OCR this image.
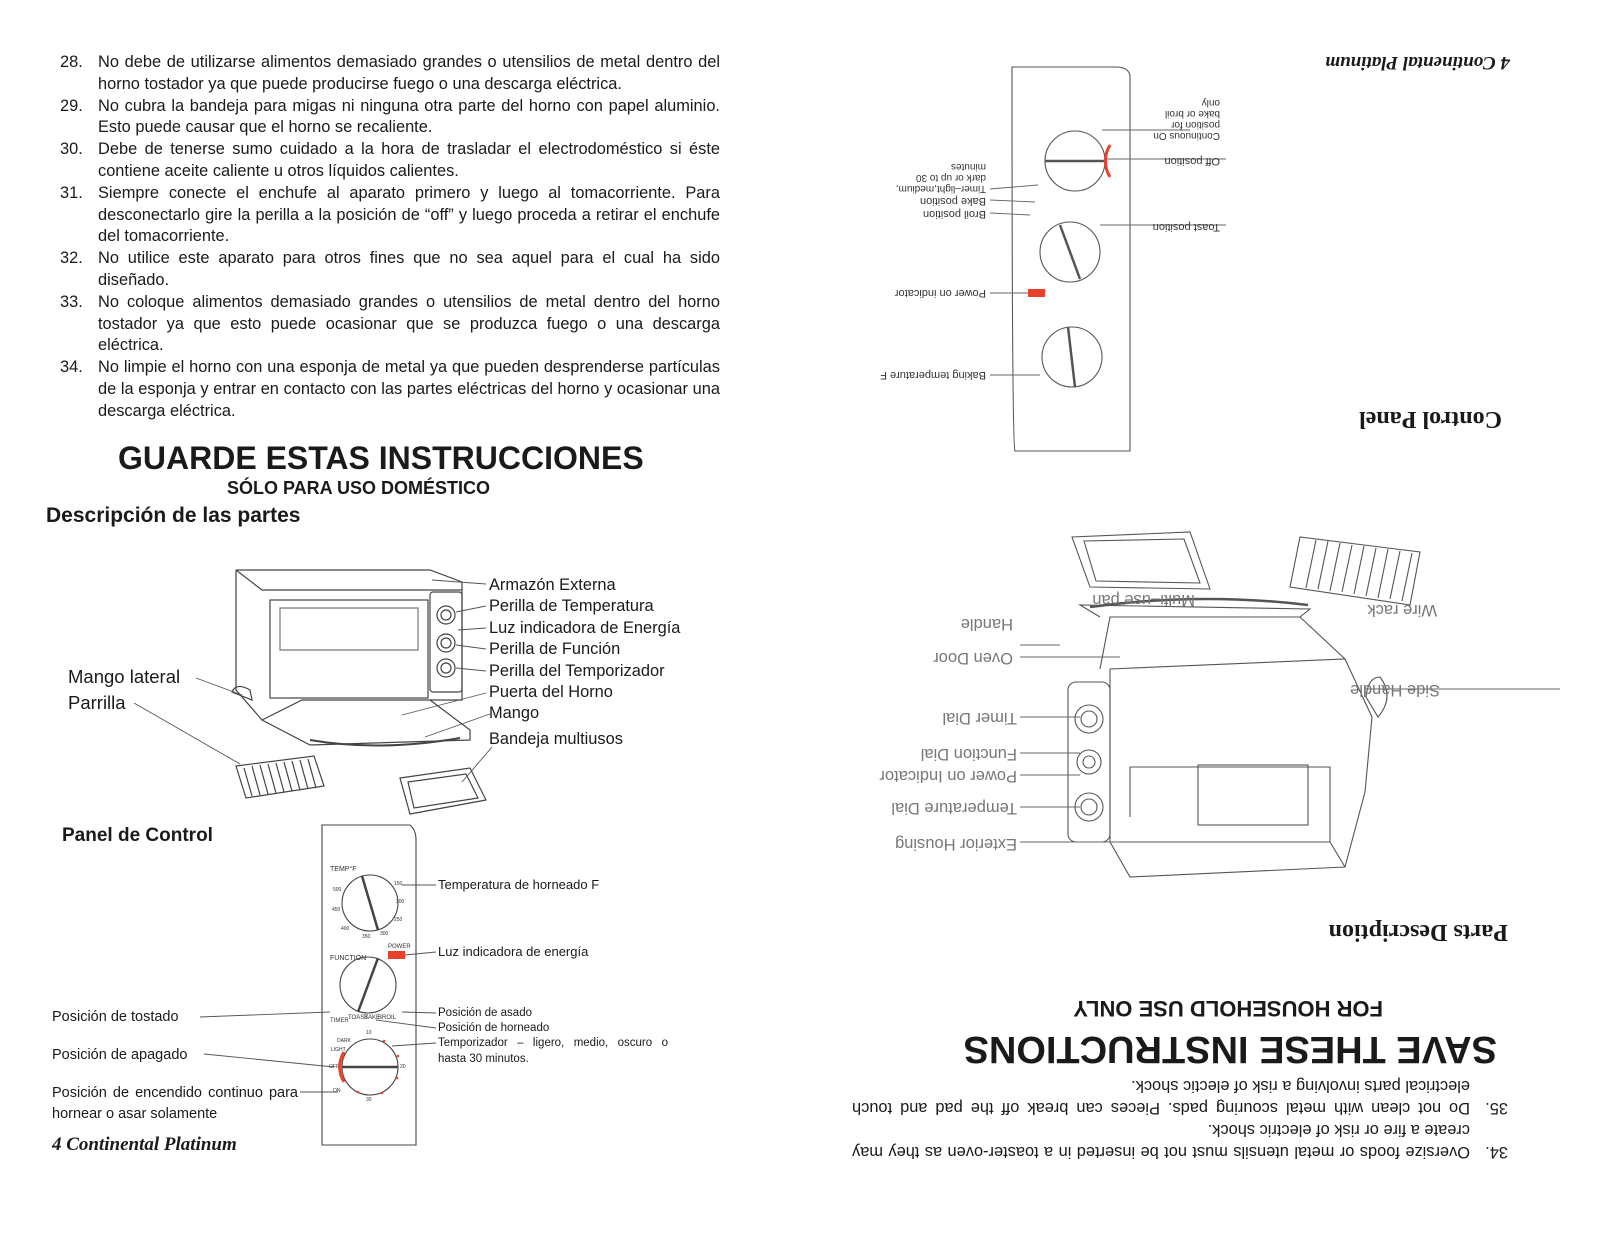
28. No debe de utilizarse alimentos demasiado grandes o utensilios de metal dentro del horno tostador ya que puede producirse fuego o una descarga eléctrica.
29. No cubra la bandeja para migas ni ninguna otra parte del horno con papel aluminio. Esto puede causar que el horno se recaliente.
30. Debe de tenerse sumo cuidado a la hora de trasladar el electrodoméstico si éste contiene aceite caliente u otros líquidos calientes.
31. Siempre conecte el enchufe al aparato primero y luego al tomacorriente. Para desconectarlo gire la perilla a la posición de “off” y luego proceda a retirar el enchufe del tomacorriente.
32. No utilice este aparato para otros fines que no sea aquel para el cual ha sido diseñado.
33. No coloque alimentos demasiado grandes o utensilios de metal dentro del horno tostador ya que esto puede ocasionar que se produzca fuego o una descarga eléctrica.
34. No limpie el horno con una esponja de metal ya que pueden desprenderse partículas de la esponja y entrar en contacto con las partes eléctricas del horno y ocasionar una descarga eléctrica.
GUARDE ESTAS INSTRUCCIONES
SÓLO PARA USO DOMÉSTICO
Descripción de las partes
Armazón Externa
Perilla de Temperatura
Luz indicadora de Energía
Perilla de Función
Perilla del Temporizador
Puerta del Horno
Mango
Bandeja multiusos
Mango lateral
Parrilla
Panel de Control
TEMP°F
FUNCTION
POWER
TIMER TOAST
BAKE
BROIL
OFF
LIGHT
DARK
ON
150
200
250
300
350
400
450
500
10
20
30
Temperatura de horneado F
Luz indicadora de energía
Posición de tostado
Posición de apagado
Posición de encendido continuo para hornear o asar solamente
Posición de asado
Posición de horneado
Temporizador – ligero, medio, oscuro o hasta 30 minutos.
4 Continental Platinum	34.
Oversize foods or metal utensils must not be inserted in a toaster-oven as they may create a fire or risk of electric shock.
35.
Do not clean with metal scouring pads. Pieces can break off the pad and touch electrical parts involving a risk of electic shock.
SAVE THESE INSTRUCTIONS
FOR HOUSEHOLD USE ONLY
Parts Description
Exterior Housing
Temperature Dial
Power on Indicator
Function Dial
Timer Dial
Oven Door
Handle
Multi–use pan
Wire rack
Side Handle
Control Panel
Baking temperature F
Power on indicator
Broil position
Bake position
Timer–light,medium, dark or up to 30 minutes
Toast position
Off position
Continuous On position for bake or broil only
4 Continental Platinum
